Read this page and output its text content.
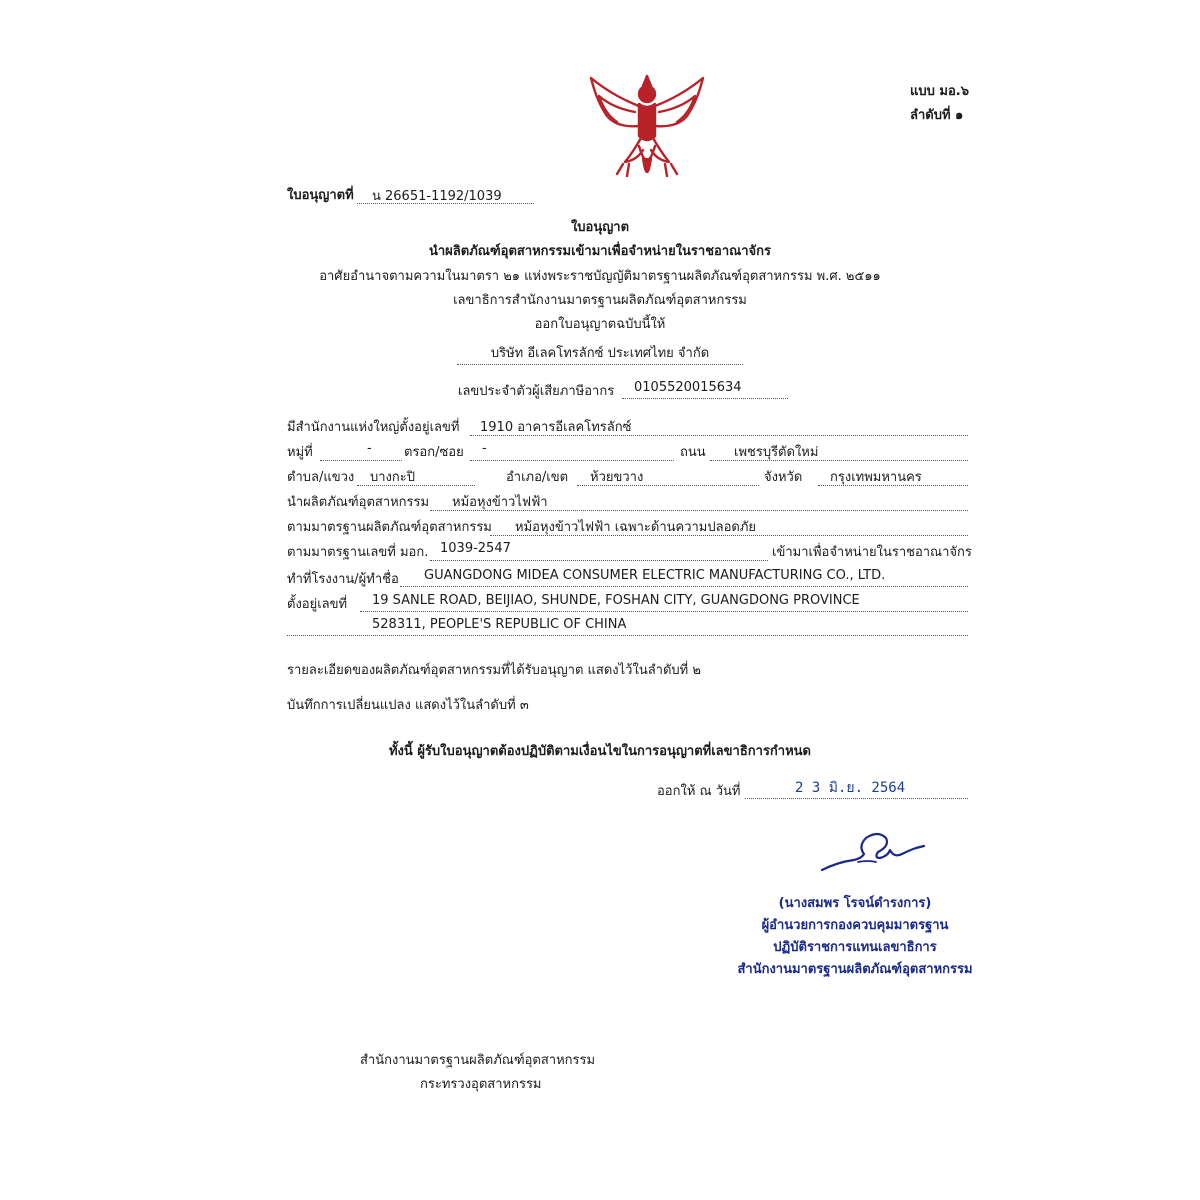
แบบ มอ.๖
ลำดับที่ ๑
ใบอนุญาตที่ น 26651-1192/1039
ใบอนุญาต
นำผลิตภัณฑ์อุตสาหกรรมเข้ามาเพื่อจำหน่ายในราชอาณาจักร
อาศัยอำนาจตามความในมาตรา ๒๑ แห่งพระราชบัญญัติมาตรฐานผลิตภัณฑ์อุตสาหกรรม พ.ศ. ๒๕๑๑
เลขาธิการสำนักงานมาตรฐานผลิตภัณฑ์อุตสาหกรรม
ออกใบอนุญาตฉบับนี้ให้
บริษัท อีเลคโทรลักซ์ ประเทศไทย จำกัด
เลขประจำตัวผู้เสียภาษีอากร 0105520015634
มีสำนักงานแห่งใหญ่ตั้งอยู่เลขที่ 1910 อาคารอีเลคโทรลักซ์
หมู่ที่	- ตรอก/ซอย -	ถนน เพชรบุรีตัดใหม่
ตำบล/แขวง บางกะปิ	อำเภอ/เขต ห้วยขวาง	จังหวัด กรุงเทพมหานคร
นำผลิตภัณฑ์อุตสาหกรรม หม้อหุงข้าวไฟฟ้า
ตามมาตรฐานผลิตภัณฑ์อุตสาหกรรม หม้อหุงข้าวไฟฟ้า เฉพาะด้านความปลอดภัย
ตามมาตรฐานเลขที่ มอก. 1039-2547	เข้ามาเพื่อจำหน่ายในราชอาณาจักร
ทำที่โรงงาน/ผู้ทำชื่อ GUANGDONG MIDEA CONSUMER ELECTRIC MANUFACTURING CO., LTD.
ตั้งอยู่เลขที่ 19 SANLE ROAD, BEIJIAO, SHUNDE, FOSHAN CITY, GUANGDONG PROVINCE
528311, PEOPLE'S REPUBLIC OF CHINA
รายละเอียดของผลิตภัณฑ์อุตสาหกรรมที่ได้รับอนุญาต แสดงไว้ในลำดับที่ ๒
บันทึกการเปลี่ยนแปลง แสดงไว้ในลำดับที่ ๓
ทั้งนี้ ผู้รับใบอนุญาตต้องปฏิบัติตามเงื่อนไขในการอนุญาตที่เลขาธิการกำหนด
ออกให้ ณ วันที่	2 3 มิ.ย. 2564
(นางสมพร โรจน์ดำรงการ)
ผู้อำนวยการกองควบคุมมาตรฐาน
ปฏิบัติราชการแทนเลขาธิการ
สำนักงานมาตรฐานผลิตภัณฑ์อุตสาหกรรม
สำนักงานมาตรฐานผลิตภัณฑ์อุตสาหกรรม
กระทรวงอุตสาหกรรม
